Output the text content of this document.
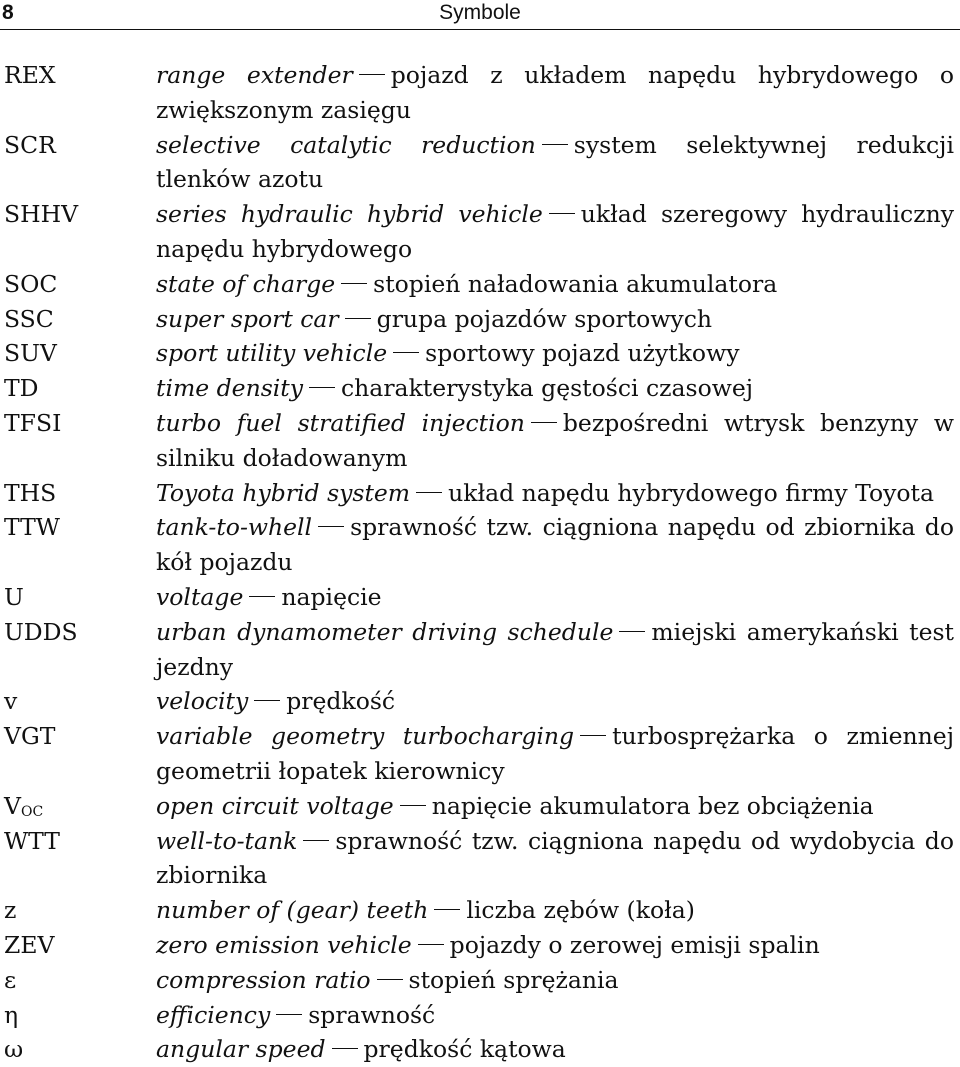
8	Symbole
REX	range extender pojazd z układem napędu hybrydowego o zwiększonym zasięgu
SCR	selective catalytic reduction system selektywnej redukcji tlenków azotu
SHHV	series hydraulic hybrid vehicle układ szeregowy hydrauliczny napędu hybrydowego
SOC	state of charge stopień naładowania akumulatora
SSC	super sport car grupa pojazdów sportowych
SUV	sport utility vehicle sportowy pojazd użytkowy
TD	time density charakterystyka gęstości czasowej
TFSI	turbo fuel stratified injection bezpośredni wtrysk benzyny w silniku doładowanym
THS	Toyota hybrid system układ napędu hybrydowego firmy Toyota
TTW	tank-to-whell sprawność tzw. ciągniona napędu od zbiornika do kół pojazdu
U	voltage napięcie
UDDS	urban dynamometer driving schedule miejski amerykański test jezdny
v	velocity prędkość
VGT	variable geometry turbocharging turbosprężarka o zmiennej geometrii łopatek kierownicy
$V_{OC}$	open circuit voltage napięcie akumulatora bez obciążenia
WTT	well-to-tank sprawność tzw. ciągniona napędu od wydobycia do zbiornika
z	number of (gear) teeth liczba zębów (koła)
ZEV	zero emission vehicle pojazdy o zerowej emisji spalin
ε	compression ratio stopień sprężania
η	efficiency sprawność
ω	angular speed prędkość kątowa
